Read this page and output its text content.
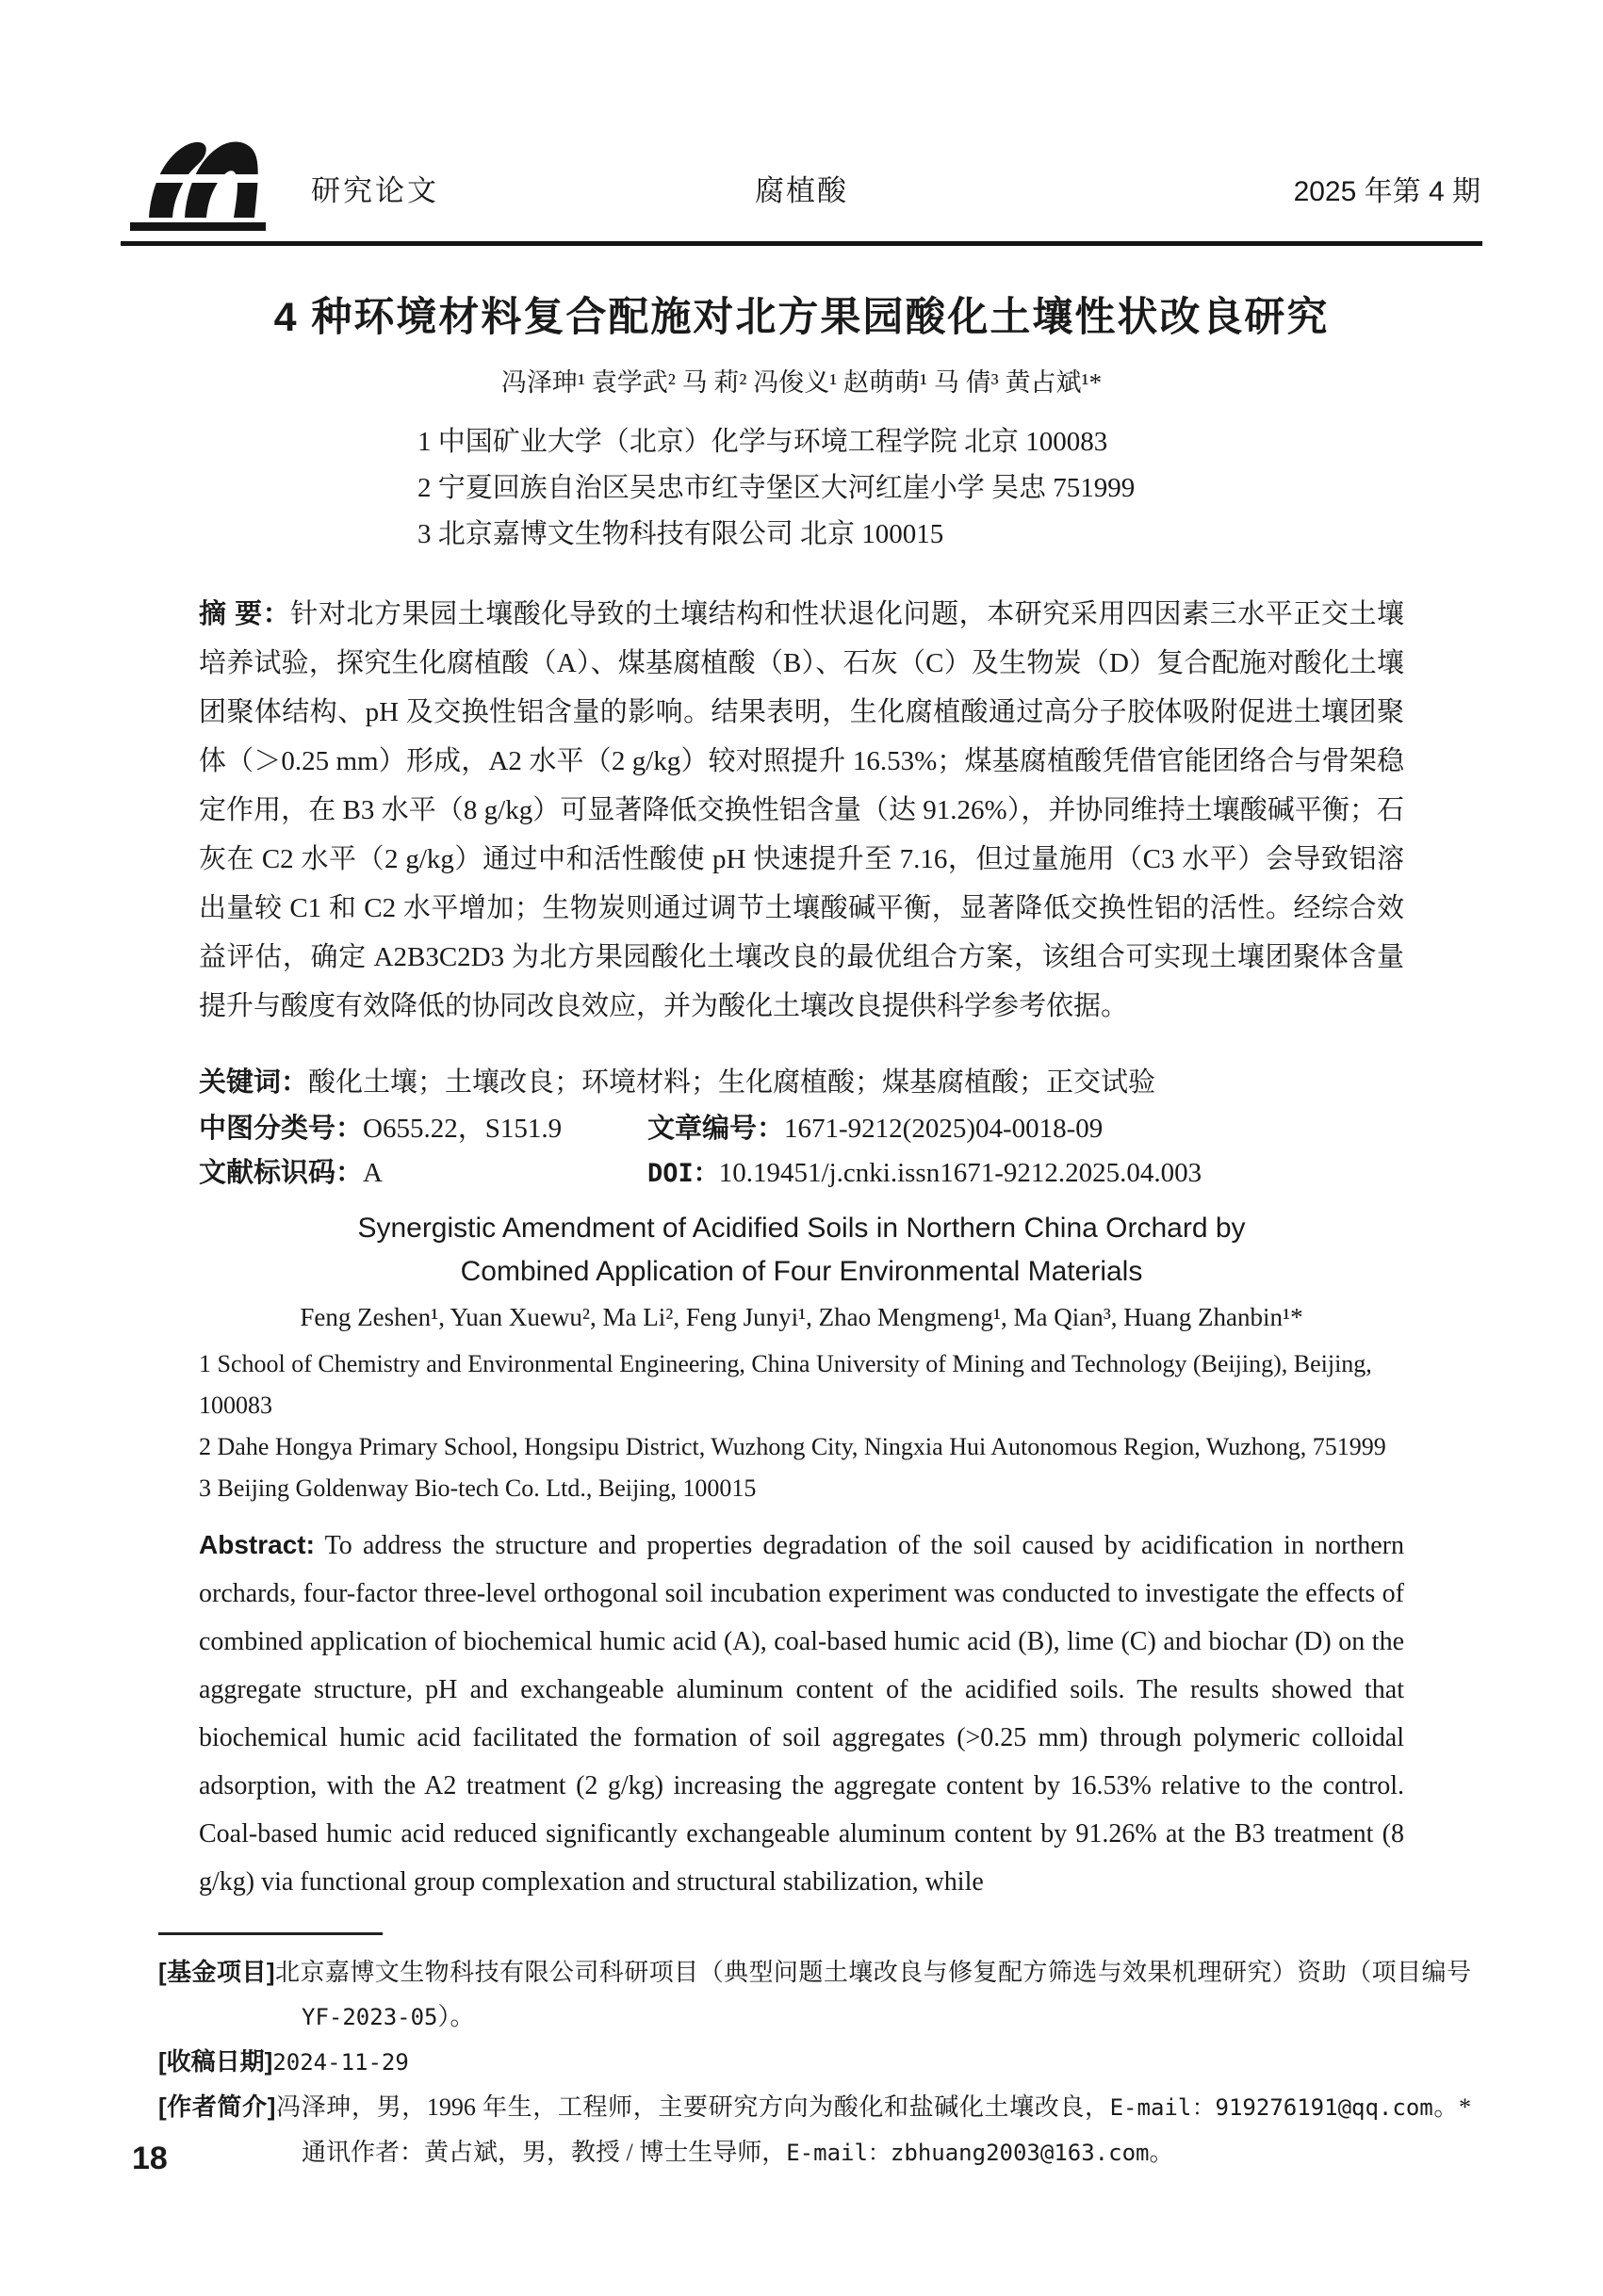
研究论文	腐植酸	2025 年第 4 期
4 种环境材料复合配施对北方果园酸化土壤性状改良研究
冯泽珅¹ 袁学武² 马 莉² 冯俊义¹ 赵萌萌¹ 马 倩³ 黄占斌¹*
1 中国矿业大学（北京）化学与环境工程学院 北京 100083
2 宁夏回族自治区吴忠市红寺堡区大河红崖小学 吴忠 751999
3 北京嘉博文生物科技有限公司 北京 100015

摘 要：针对北方果园土壤酸化导致的土壤结构和性状退化问题，本研究采用四因素三水平正交土壤培养试验，探究生化腐植酸（A）、煤基腐植酸（B）、石灰（C）及生物炭（D）复合配施对酸化土壤团聚体结构、pH 及交换性铝含量的影响。结果表明，生化腐植酸通过高分子胶体吸附促进土壤团聚体（＞0.25 mm）形成，A2 水平（2 g/kg）较对照提升 16.53%；煤基腐植酸凭借官能团络合与骨架稳定作用，在 B3 水平（8 g/kg）可显著降低交换性铝含量（达 91.26%），并协同维持土壤酸碱平衡；石灰在 C2 水平（2 g/kg）通过中和活性酸使 pH 快速提升至 7.16，但过量施用（C3 水平）会导致铝溶出量较 C1 和 C2 水平增加；生物炭则通过调节土壤酸碱平衡，显著降低交换性铝的活性。经综合效益评估，确定 A2B3C2D3 为北方果园酸化土壤改良的最优组合方案，该组合可实现土壤团聚体含量提升与酸度有效降低的协同改良效应，并为酸化土壤改良提供科学参考依据。

关键词：酸化土壤；土壤改良；环境材料；生化腐植酸；煤基腐植酸；正交试验
中图分类号：O655.22，S151.9	文章编号：1671-9212(2025)04-0018-09
文献标识码：A	DOI：10.19451/j.cnki.issn1671-9212.2025.04.003
Synergistic Amendment of Acidified Soils in Northern China Orchard by
Combined Application of Four Environmental Materials
Feng Zeshen¹, Yuan Xuewu², Ma Li², Feng Junyi¹, Zhao Mengmeng¹, Ma Qian³, Huang Zhanbin¹*
1 School of Chemistry and Environmental Engineering, China University of Mining and Technology (Beijing), Beijing, 100083
2 Dahe Hongya Primary School, Hongsipu District, Wuzhong City, Ningxia Hui Autonomous Region, Wuzhong, 751999
3 Beijing Goldenway Bio-tech Co. Ltd., Beijing, 100015

Abstract: To address the structure and properties degradation of the soil caused by acidification in northern orchards, four-factor three-level orthogonal soil incubation experiment was conducted to investigate the effects of combined application of biochemical humic acid (A), coal-based humic acid (B), lime (C) and biochar (D) on the aggregate structure, pH and exchangeable aluminum content of the acidified soils. The results showed that biochemical humic acid facilitated the formation of soil aggregates (>0.25 mm) through polymeric colloidal adsorption, with the A2 treatment (2 g/kg) increasing the aggregate content by 16.53% relative to the control. Coal-based humic acid reduced significantly exchangeable aluminum content by 91.26% at the B3 treatment (8 g/kg) via functional group complexation and structural stabilization, while

[基金项目]北京嘉博文生物科技有限公司科研项目（典型问题土壤改良与修复配方筛选与效果机理研究）资助（项目编号 YF-2023-05）。
[收稿日期]2024-11-29
[作者简介]冯泽珅，男，1996 年生，工程师，主要研究方向为酸化和盐碱化土壤改良，E-mail：919276191@qq.com。* 通讯作者：黄占斌，男，教授 / 博士生导师，E-mail：zbhuang2003@163.com。
18
